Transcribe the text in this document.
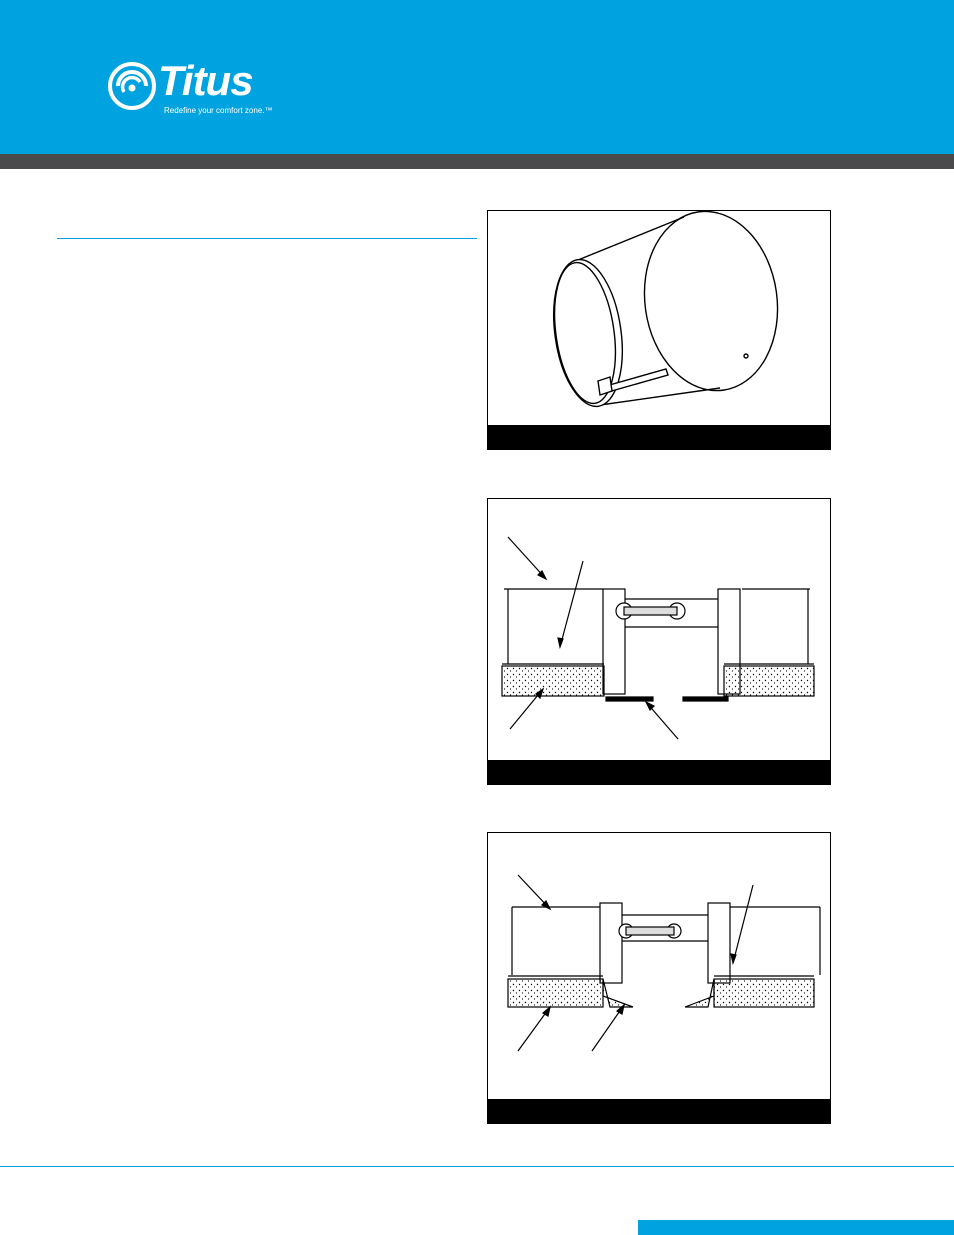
Titus
Redefine your comfort zone.™
